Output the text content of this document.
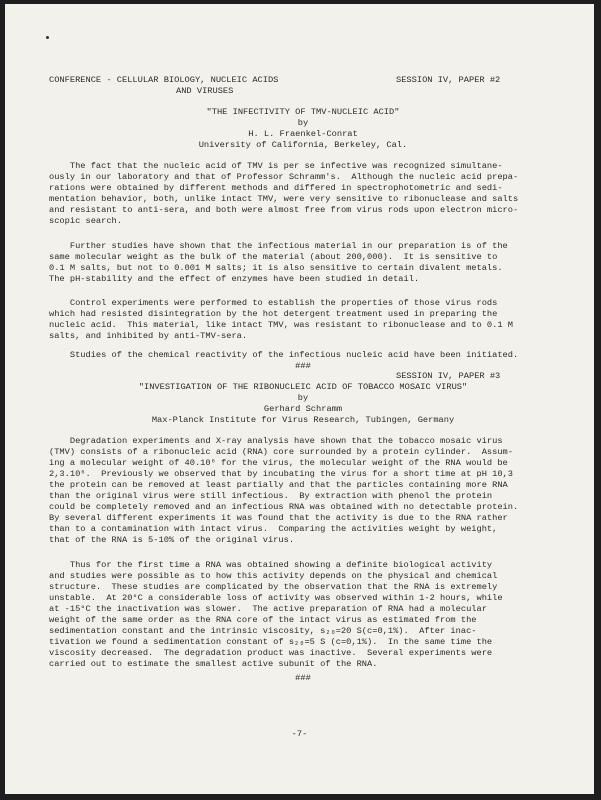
CONFERENCE - CELLULAR BIOLOGY, NUCLEIC ACIDS
AND VIRUSES
SESSION IV, PAPER #2
"THE INFECTIVITY OF TMV-NUCLEIC ACID"
by
H. L. Fraenkel-Conrat
University of California, Berkeley, Cal.
The fact that the nucleic acid of TMV is per se infective was recognized simultane-
ously in our laboratory and that of Professor Schramm's.  Although the nucleic acid prepa-
rations were obtained by different methods and differed in spectrophotometric and sedi-
mentation behavior, both, unlike intact TMV, were very sensitive to ribonuclease and salts
and resistant to anti-sera, and both were almost free from virus rods upon electron micro-
scopic search.
Further studies have shown that the infectious material in our preparation is of the
same molecular weight as the bulk of the material (about 200,000).  It is sensitive to
0.1 M salts, but not to 0.001 M salts; it is also sensitive to certain divalent metals.
The pH-stability and the effect of enzymes have been studied in detail.
Control experiments were performed to establish the properties of those virus rods
which had resisted disintegration by the hot detergent treatment used in preparing the
nucleic acid.  This material, like intact TMV, was resistant to ribonuclease and to 0.1 M
salts, and inhibited by anti-TMV-sera.
Studies of the chemical reactivity of the infectious nucleic acid have been initiated.
###
SESSION IV, PAPER #3
"INVESTIGATION OF THE RIBONUCLEIC ACID OF TOBACCO MOSAIC VIRUS"
by
Gerhard Schramm
Max-Planck Institute for Virus Research, Tubingen, Germany
Degradation experiments and X-ray analysis have shown that the tobacco mosaic virus
(TMV) consists of a ribonucleic acid (RNA) core surrounded by a protein cylinder.  Assum-
ing a molecular weight of 40.10⁶ for the virus, the molecular weight of the RNA would be
2,3.10⁶.  Previously we observed that by incubating the virus for a short time at pH 10,3
the protein can be removed at least partially and that the particles containing more RNA
than the original virus were still infectious.  By extraction with phenol the protein
could be completely removed and an infectious RNA was obtained with no detectable protein.
By several different experiments it was found that the activity is due to the RNA rather
than to a contamination with intact virus.  Comparing the activities weight by weight,
that of the RNA is 5-10% of the original virus.
Thus for the first time a RNA was obtained showing a definite biological activity
and studies were possible as to how this activity depends on the physical and chemical
structure.  These studies are complicated by the observation that the RNA is extremely
unstable.  At 20°C a considerable loss of activity was observed within 1-2 hours, while
at -15°C the inactivation was slower.  The active preparation of RNA had a molecular
weight of the same order as the RNA core of the intact virus as estimated from the
sedimentation constant and the intrinsic viscosity, s₂₀=20 S(c=0,1%).  After inac-
tivation we found a sedimentation constant of s₂₀=5 S (c=0,1%).  In the same time the
viscosity decreased.  The degradation product was inactive.  Several experiments were
carried out to estimate the smallest active subunit of the RNA.
###
-7-
